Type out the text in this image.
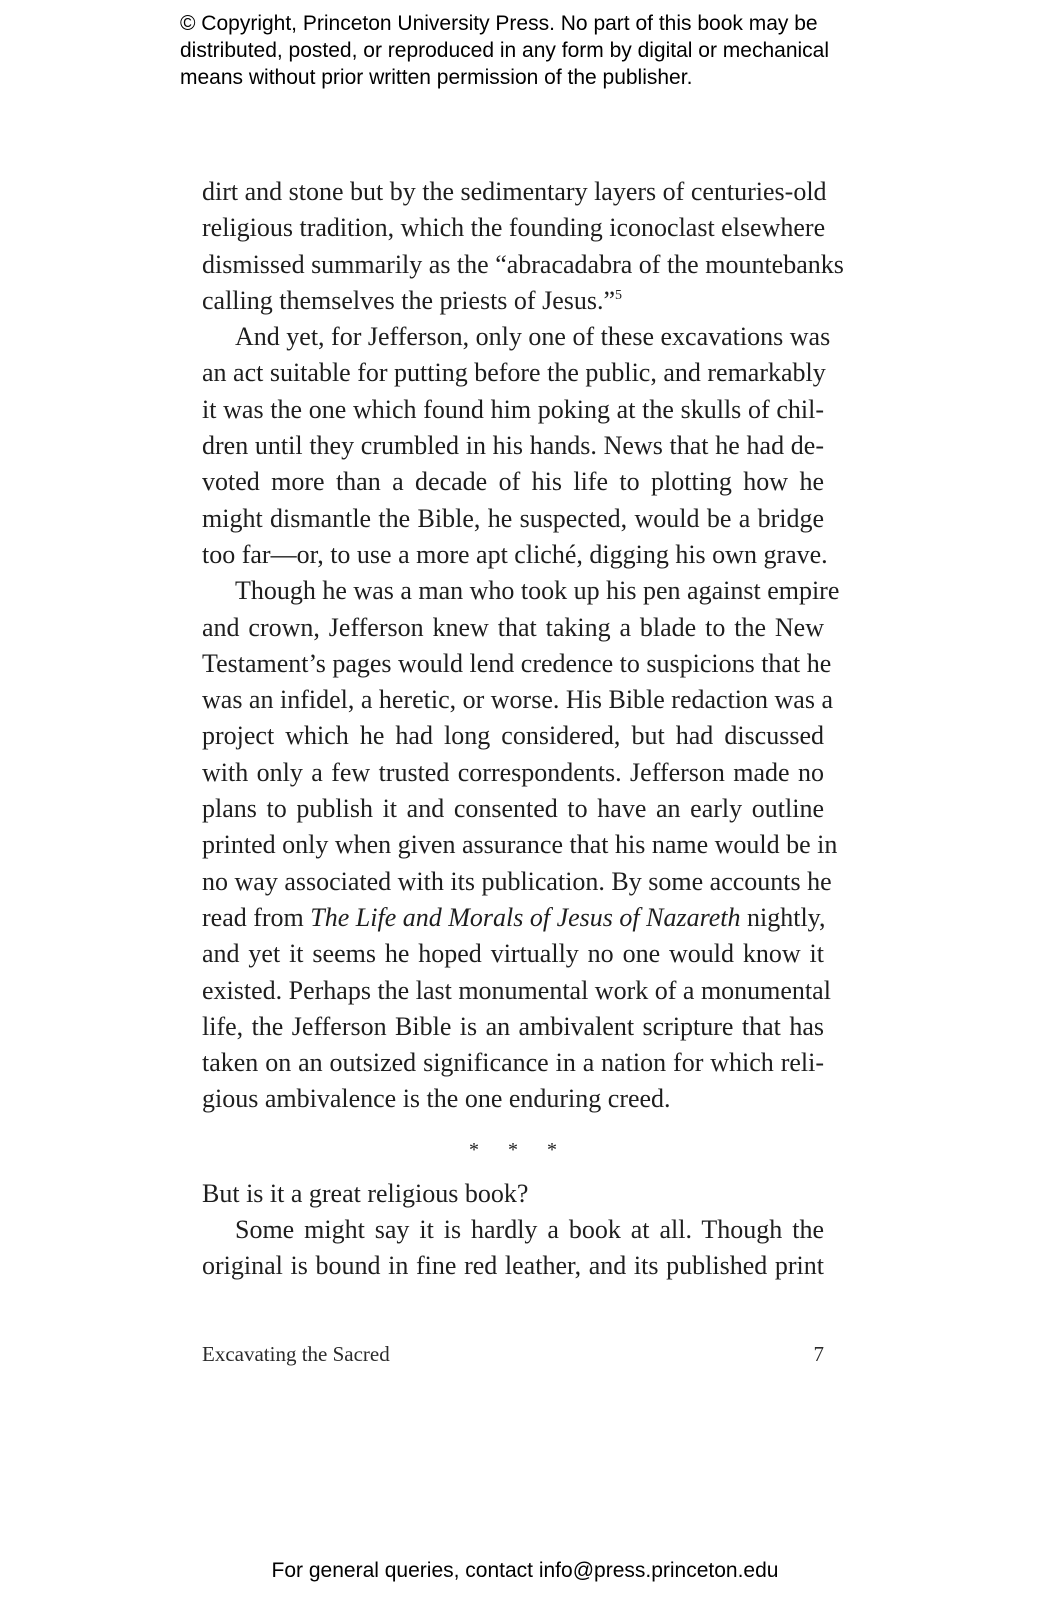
© Copyright, Princeton University Press. No part of this book may be
distributed, posted, or reproduced in any form by digital or mechanical
means without prior written permission of the publisher.
dirt and stone but by the sedimentary layers of centuries-old
religious tradition, which the founding iconoclast elsewhere
dismissed summarily as the “abracadabra of the mountebanks
calling themselves the priests of Jesus.”$^5$
And yet, for Jefferson, only one of these excavations was
an act suitable for putting before the public, and remarkably
it was the one which found him poking at the skulls of chil-
dren until they crumbled in his hands. News that he had de-
voted more than a decade of his life to plotting how he
might dismantle the Bible, he suspected, would be a bridge
too far—or, to use a more apt cliché, digging his own grave.
Though he was a man who took up his pen against empire
and crown, Jefferson knew that taking a blade to the New
Testament’s pages would lend credence to suspicions that he
was an infidel, a heretic, or worse. His Bible redaction was a
project which he had long considered, but had discussed
with only a few trusted correspondents. Jefferson made no
plans to publish it and consented to have an early outline
printed only when given assurance that his name would be in
no way associated with its publication. By some accounts he
read from The Life and Morals of Jesus of Nazareth nightly,
and yet it seems he hoped virtually no one would know it
existed. Perhaps the last monumental work of a monumental
life, the Jefferson Bible is an ambivalent scripture that has
taken on an outsized significance in a nation for which reli-
gious ambivalence is the one enduring creed.
* * *
But is it a great religious book?
Some might say it is hardly a book at all. Though the
original is bound in fine red leather, and its published print
Excavating the Sacred	7
For general queries, contact info@press.princeton.edu
